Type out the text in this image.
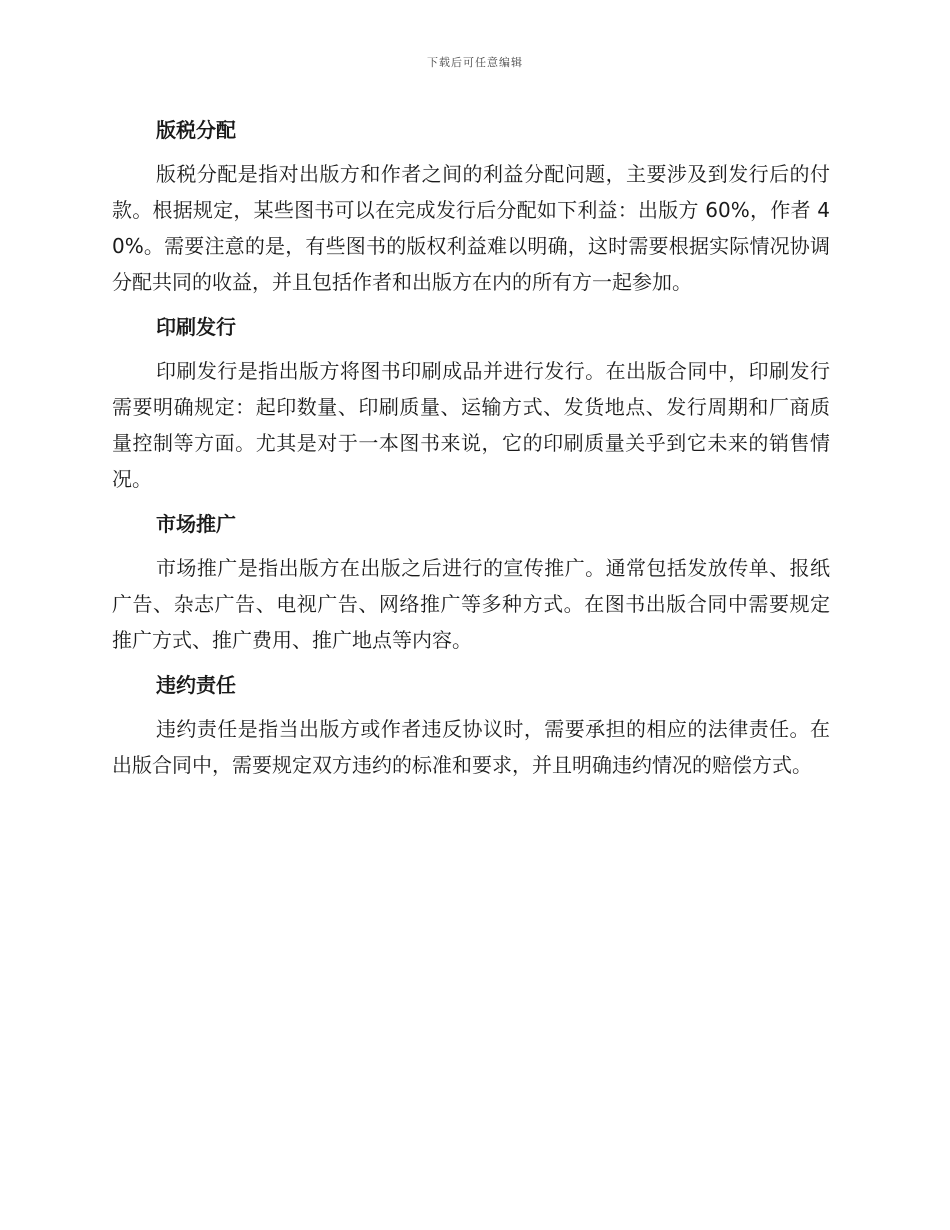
下载后可任意编辑
版税分配

版税分配是指对出版方和作者之间的利益分配问题，主要涉及到发行后的付款。根据规定，某些图书可以在完成发行后分配如下利益：出版方 60%，作者 40%。需要注意的是，有些图书的版权利益难以明确，这时需要根据实际情况协调分配共同的收益，并且包括作者和出版方在内的所有方一起参加。

印刷发行

印刷发行是指出版方将图书印刷成品并进行发行。在出版合同中，印刷发行需要明确规定：起印数量、印刷质量、运输方式、发货地点、发行周期和厂商质量控制等方面。尤其是对于一本图书来说，它的印刷质量关乎到它未来的销售情况。

市场推广

市场推广是指出版方在出版之后进行的宣传推广。通常包括发放传单、报纸广告、杂志广告、电视广告、网络推广等多种方式。在图书出版合同中需要规定推广方式、推广费用、推广地点等内容。

违约责任

违约责任是指当出版方或作者违反协议时，需要承担的相应的法律责任。在出版合同中，需要规定双方违约的标准和要求，并且明确违约情况的赔偿方式。
